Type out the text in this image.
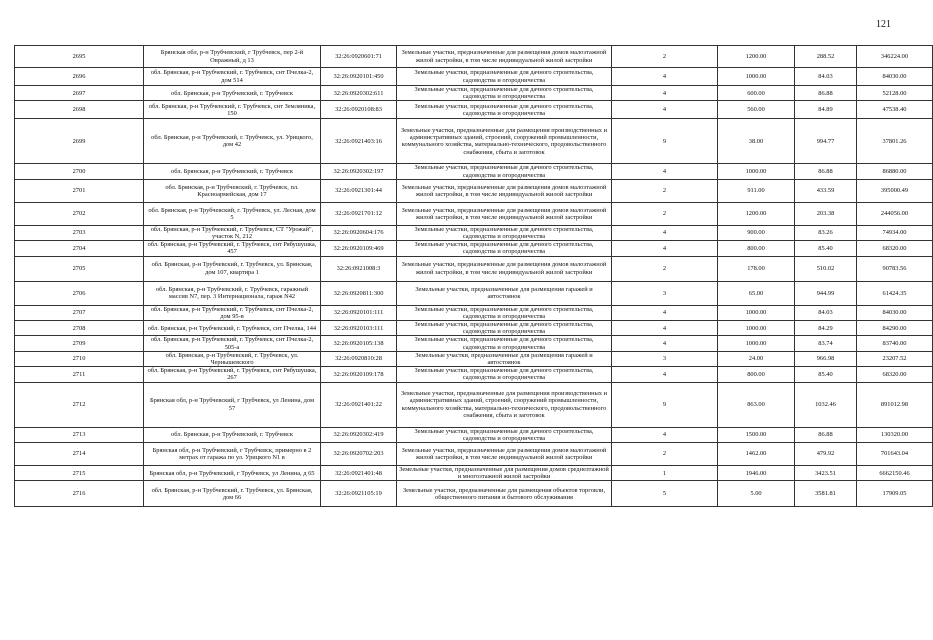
121
2695	Брянская обл, р-н Трубчевский, г Трубчевск, пер 2-й Овражный, д 13	32:26:0920601:71	Земельные участки, предназначенные для размещения домов малоэтажной жилой застройки, в том числе индивидуальной жилой застройки	2	1200.00	288.52	346224.00
2696	обл. Брянская, р-н Трубчевский, г. Трубчевск, снт Пчелка-2, дом 514	32:26:0920101:450	Земельные участки, предназначенные для дачного строительства, садоводства и огородничества	4	1000.00	84.03	84030.00
2697	обл. Брянская, р-н Трубчевский, г. Трубчевск	32:26:0920302:611	Земельные участки, предназначенные для дачного строительства, садоводства и огородничества	4	600.00	86.88	52128.00
2698	обл. Брянская, р-н Трубчевский, г. Трубчевск, снт Земляника, 150	32:26:0920108:83	Земельные участки, предназначенные для дачного строительства, садоводства и огородничества	4	560.00	84.89	47538.40
2699	обл. Брянская, р-н Трубчевский, г. Трубчевск, ул. Урицкого, дом 42	32:26:0921403:16	Земельные участки, предназначенные для размещения производственных и административных зданий, строений, сооружений промышленности, коммунального хозяйства, материально-технического, продовольственного снабжения, сбыта и заготовок	9	38.00	994.77	37801.26
2700	обл. Брянская, р-н Трубчевский, г. Трубчевск	32:26:0920302:197	Земельные участки, предназначенные для дачного строительства, садоводства и огородничества	4	1000.00	86.88	86880.00
2701	обл. Брянская, р-н Трубчевский, г. Трубчевск, пл. Красноармейская, дом 17	32:26:0921301:44	Земельные участки, предназначенные для размещения домов малоэтажной жилой застройки, в том числе индивидуальной жилой застройки	2	911.00	433.59	395000.49
2702	обл. Брянская, р-н Трубчевский, г. Трубчевск, ул. Лесная, дом 5	32:26:0921701:12	Земельные участки, предназначенные для размещения домов малоэтажной жилой застройки, в том числе индивидуальной жилой застройки	2	1200.00	203.38	244056.00
2703	обл. Брянская, р-н Трубчевский, г. Трубчевск, СТ "Урожай", участок N, 212	32:26:0920604:176	Земельные участки, предназначенные для дачного строительства, садоводства и огородничества	4	900.00	83.26	74934.00
2704	обл. Брянская, р-н Трубчевский, г. Трубчевск, снт Рябушушка, 457	32:26:0920109:469	Земельные участки, предназначенные для дачного строительства, садоводства и огородничества	4	800.00	85.40	68320.00
2705	обл. Брянская, р-н Трубчевский, г. Трубчевск, ул. Брянская, дом 107, квартира 1	32:26:0921008:3	Земельные участки, предназначенные для размещения домов малоэтажной жилой застройки, в том числе индивидуальной жилой застройки	2	178.00	510.02	90783.56
2706	обл. Брянская, р-н Трубчевский, г. Трубчевск, гаражный массив N7, пер. 3 Интернационала, гараж N42	32:26:0920811:300	Земельные участки, предназначенные для размещения гаражей и автостоянок	3	65.00	944.99	61424.35
2707	обл. Брянская, р-н Трубчевский, г. Трубчевск, снт Пчелка-2, дом 95-в	32:26:0920101:111	Земельные участки, предназначенные для дачного строительства, садоводства и огородничества	4	1000.00	84.03	84030.00
2708	обл. Брянская, р-н Трубчевский, г. Трубчевск, снт Пчелка, 144	32:26:0920103:111	Земельные участки, предназначенные для дачного строительства, садоводства и огородничества	4	1000.00	84.29	84290.00
2709	обл. Брянская, р-н Трубчевский, г. Трубчевск, снт Пчелка-2, 505-а	32:26:0920105:138	Земельные участки, предназначенные для дачного строительства, садоводства и огородничества	4	1000.00	83.74	83740.00
2710	обл. Брянская, р-н Трубчевский, г. Трубчевск, ул. Чернышевского	32:26:0920810:28	Земельные участки, предназначенные для размещения гаражей и автостоянок	3	24.00	966.98	23207.52
2711	обл. Брянская, р-н Трубчевский, г. Трубчевск, снт Рябушушка, 267	32:26:0920109:178	Земельные участки, предназначенные для дачного строительства, садоводства и огородничества	4	800.00	85.40	68320.00
2712	Брянская обл, р-н Трубчевский, г Трубчевск, ул Ленина, дом 57	32:26:0921401:22	Земельные участки, предназначенные для размещения производственных и административных зданий, строений, сооружений промышленности, коммунального хозяйства, материально-технического, продовольственного снабжения, сбыта и заготовок	9	863.00	1032.46	891012.98
2713	обл. Брянская, р-н Трубчевский, г. Трубчевск	32:26:0920302:419	Земельные участки, предназначенные для дачного строительства, садоводства и огородничества	4	1500.00	86.88	130320.00
2714	Брянская обл, р-н Трубчевский, г Трубчевск, примерно в 2 метрах от гаража по ул. Урицкого N1 в	32:26:0920702:203	Земельные участки, предназначенные для размещения домов малоэтажной жилой застройки, в том числе индивидуальной жилой застройки	2	1462.00	479.92	701643.04
2715	Брянская обл, р-н Трубчевский, г Трубчевск, ул Ленина, д 65	32:26:0921401:48	Земельные участки, предназначенные для размещения домов среднеэтажной и многоэтажной жилой застройки	1	1946.00	3423.51	6662150.46
2716	обл. Брянская, р-н Трубчевский, г. Трубчевск, ул. Брянская, дом 66	32:26:0921105:19	Земельные участки, предназначенные для размещения объектов торговли, общественного питания и бытового обслуживания	5	5.00	3581.81	17909.05
